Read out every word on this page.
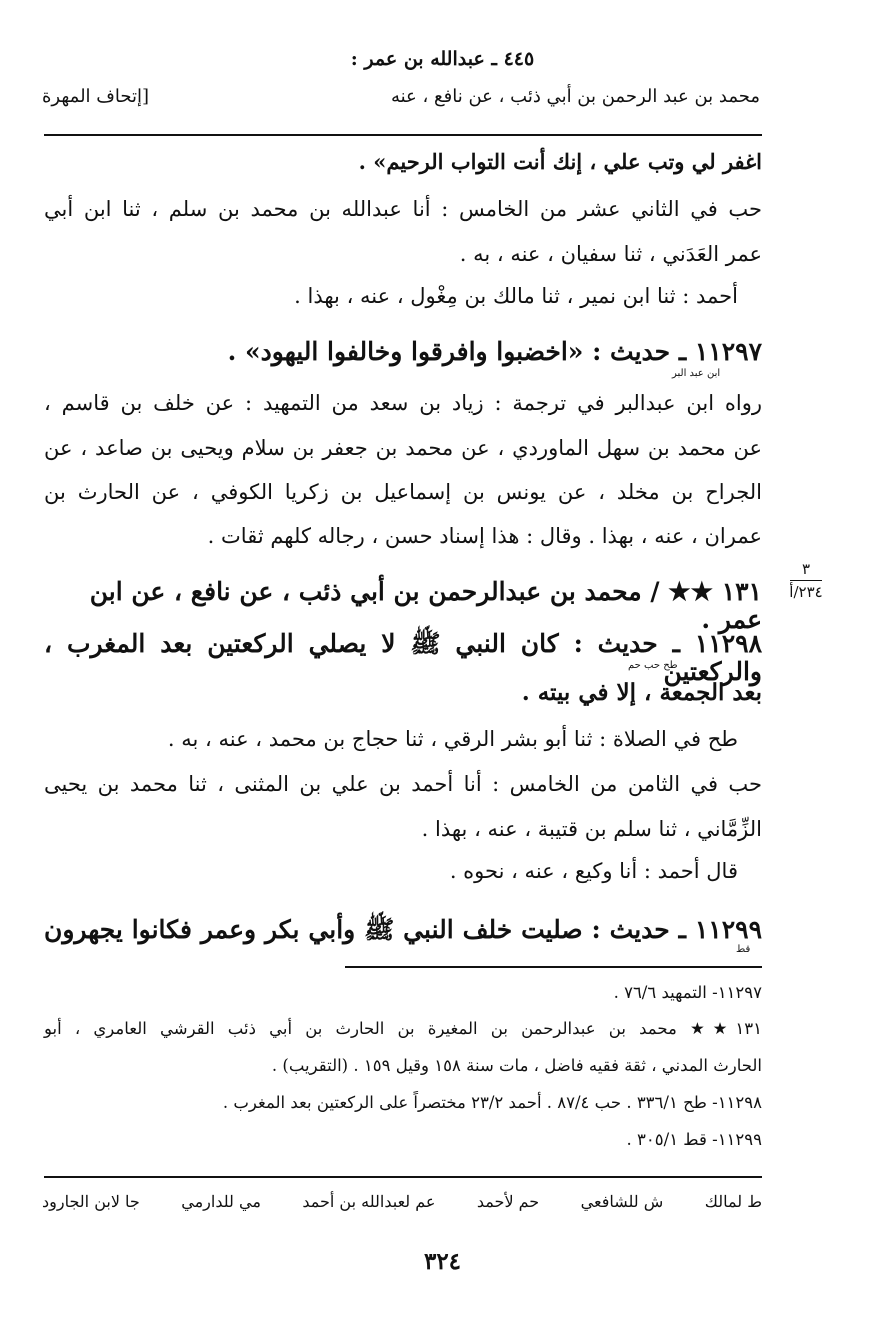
٤٤٥ ـ عبدالله بن عمر :
محمد بن عبد الرحمن بن أبي ذئب ، عن نافع ، عنه
[إتحاف المهرة
اغفر لي وتب علي ، إنك أنت التواب الرحيم» .
حب في الثاني عشر من الخامس : أنا عبدالله بن محمد بن سلم ، ثنا ابن أبي
عمر العَدَني ، ثنا سفيان ، عنه ، به .
أحمد : ثنا ابن نمير ، ثنا مالك بن مِغْول ، عنه ، بهذا .
١١٢٩٧ ـ حديث : «اخضبوا وافرقوا وخالفوا اليهود» .
ابن عبد البر
رواه ابن عبدالبر في ترجمة : زياد بن سعد من التمهيد : عن خلف بن قاسم ،
عن محمد بن سهل الماوردي ، عن محمد بن جعفر بن سلام ويحيى بن صاعد ، عن
الجراح بن مخلد ، عن يونس بن إسماعيل بن زكريا الكوفي ، عن الحارث بن
عمران ، عنه ، بهذا . وقال : هذا إسناد حسن ، رجاله كلهم ثقات .
١٣١ ★★ / محمد بن عبدالرحمن بن أبي ذئب ، عن نافع ، عن ابن عمر .
٣
٢٣٤/أ
١١٢٩٨ ـ حديث : كان النبي ﷺ لا يصلي الركعتين بعد المغرب ، والركعتين
طح حب حم
بعد الجمعة ، إلا في بيته .
طح في الصلاة : ثنا أبو بشر الرقي ، ثنا حجاج بن محمد ، عنه ، به .
حب في الثامن من الخامس : أنا أحمد بن علي بن المثنى ، ثنا محمد بن يحيى
الزِّمَّاني ، ثنا سلم بن قتيبة ، عنه ، بهذا .
قال أحمد : أنا وكيع ، عنه ، نحوه .
١١٢٩٩ ـ حديث : صليت خلف النبي ﷺ وأبي بكر وعمر فكانوا يجهرون
قط
١١٢٩٧- التمهيد ٧٦/٦ .
١٣١★★ محمد بن عبدالرحمن بن المغيرة بن الحارث بن أبي ذئب القرشي العامري ، أبو
الحارث المدني ، ثقة فقيه فاضل ، مات سنة ١٥٨ وقيل ١٥٩ . (التقريب) .
١١٢٩٨- طح ٣٣٦/١ . حب ٨٧/٤ . أحمد ٢٣/٢ مختصراً على الركعتين بعد المغرب .
١١٢٩٩- قط ٣٠٥/١ .
ط لمالك
ش للشافعي
حم لأحمد
عم لعبدالله بن أحمد
مي للدارمي
جا لابن الجارود
٣٢٤
